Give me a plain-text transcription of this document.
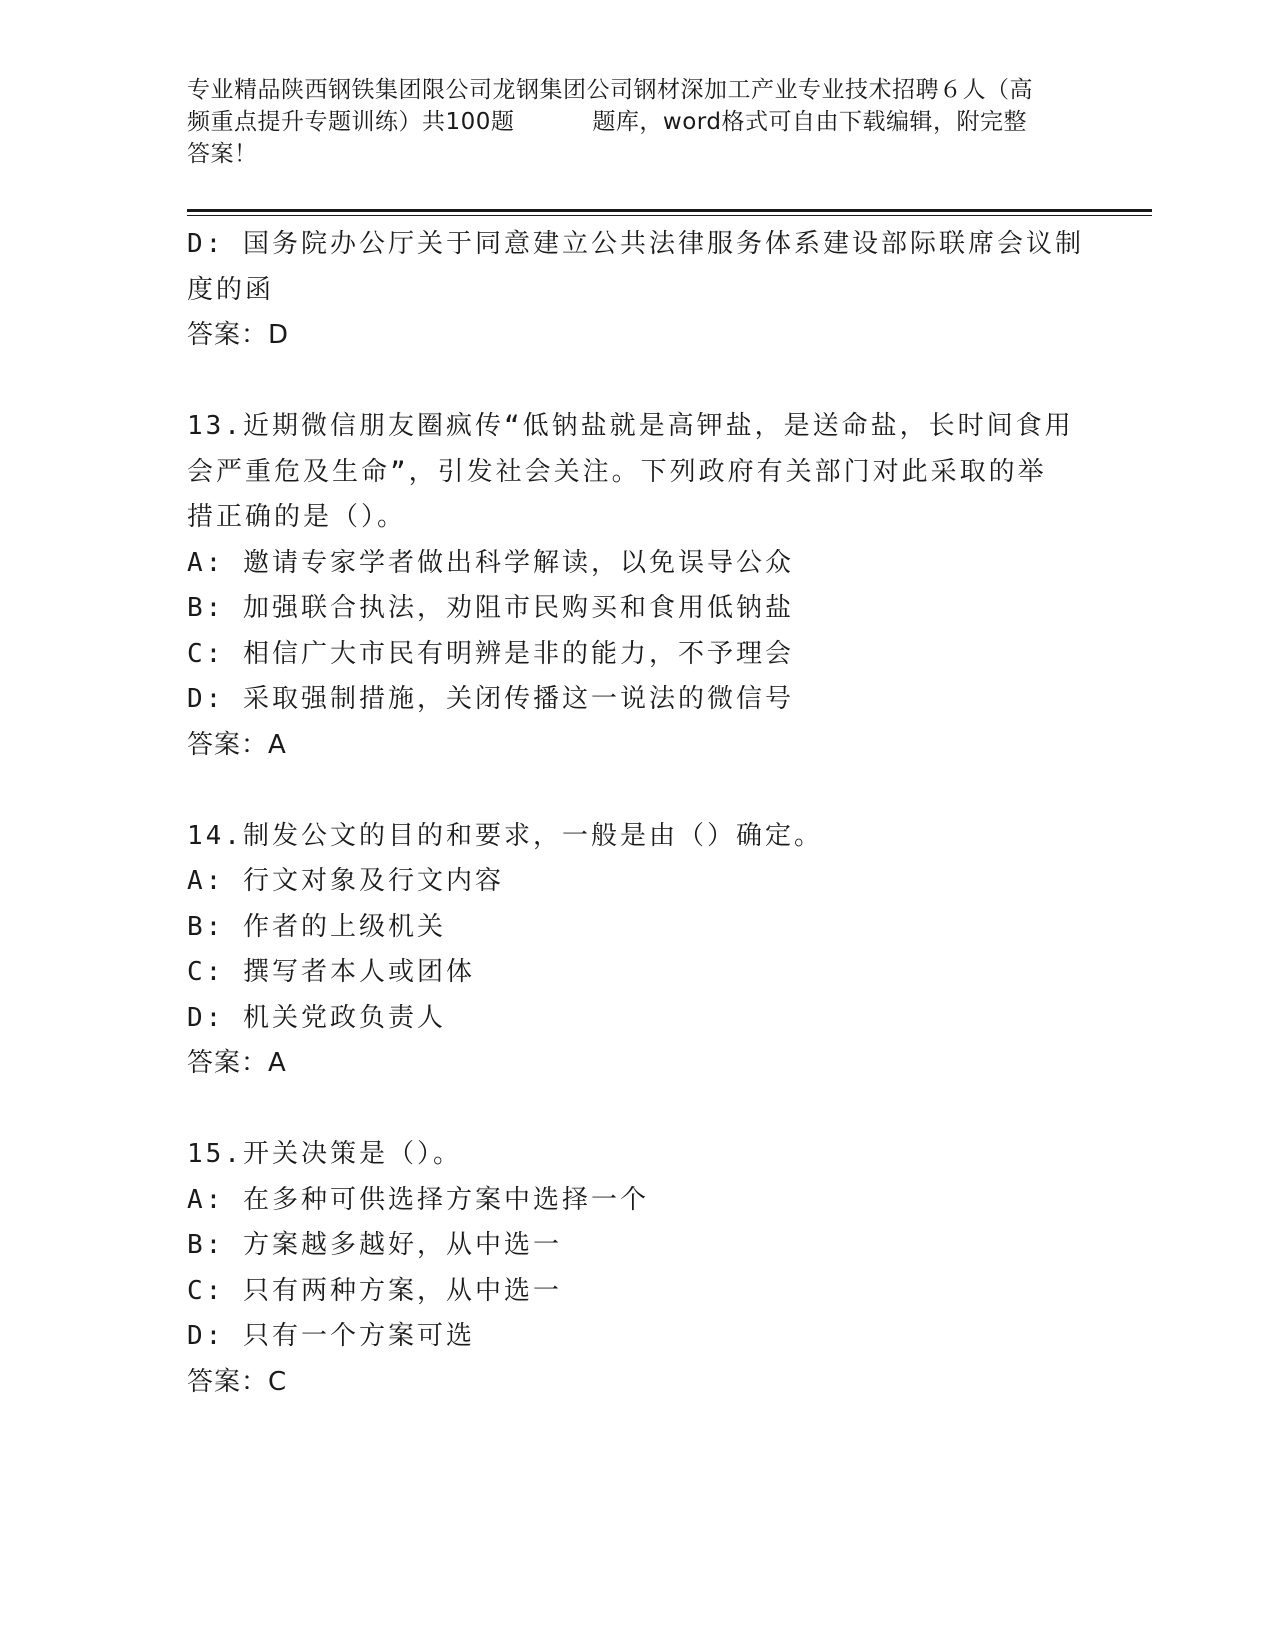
专业精品陕西钢铁集团限公司龙钢集团公司钢材深加工产业专业技术招聘６人（高
频重点提升专题训练）共100题	题库，word格式可自由下载编辑，附完整
答案！
D: 国务院办公厅关于同意建立公共法律服务体系建设部际联席会议制
度的函
答案：D
13.近期微信朋友圈疯传“低钠盐就是高钾盐，是送命盐，长时间食用
会严重危及生命”，引发社会关注。下列政府有关部门对此采取的举
措正确的是（）。
A: 邀请专家学者做出科学解读，以免误导公众
B: 加强联合执法，劝阻市民购买和食用低钠盐
C: 相信广大市民有明辨是非的能力，不予理会
D: 采取强制措施，关闭传播这一说法的微信号
答案：A
14.制发公文的目的和要求，一般是由（）确定。
A: 行文对象及行文内容
B: 作者的上级机关
C: 撰写者本人或团体
D: 机关党政负责人
答案：A
15.开关决策是（）。
A: 在多种可供选择方案中选择一个
B: 方案越多越好，从中选一
C: 只有两种方案，从中选一
D: 只有一个方案可选
答案：C
